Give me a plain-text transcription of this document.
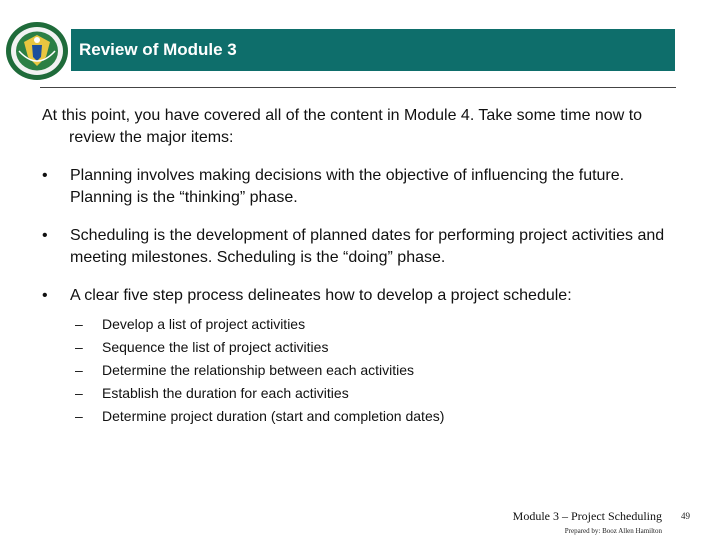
Review of Module 3

At this point, you have covered all of the content in Module 4. Take some time now to review the major items:

• Planning involves making decisions with the objective of influencing the future. Planning is the “thinking” phase.
• Scheduling is the development of planned dates for performing project activities and meeting milestones. Scheduling is the “doing” phase.
• A clear five step process delineates how to develop a project schedule:
– Develop a list of project activities
– Sequence the list of project activities
– Determine the relationship between each activities
– Establish the duration for each activities
– Determine project duration (start and completion dates)
Module 3 – Project Scheduling
Prepared by: Booz Allen Hamilton
49
